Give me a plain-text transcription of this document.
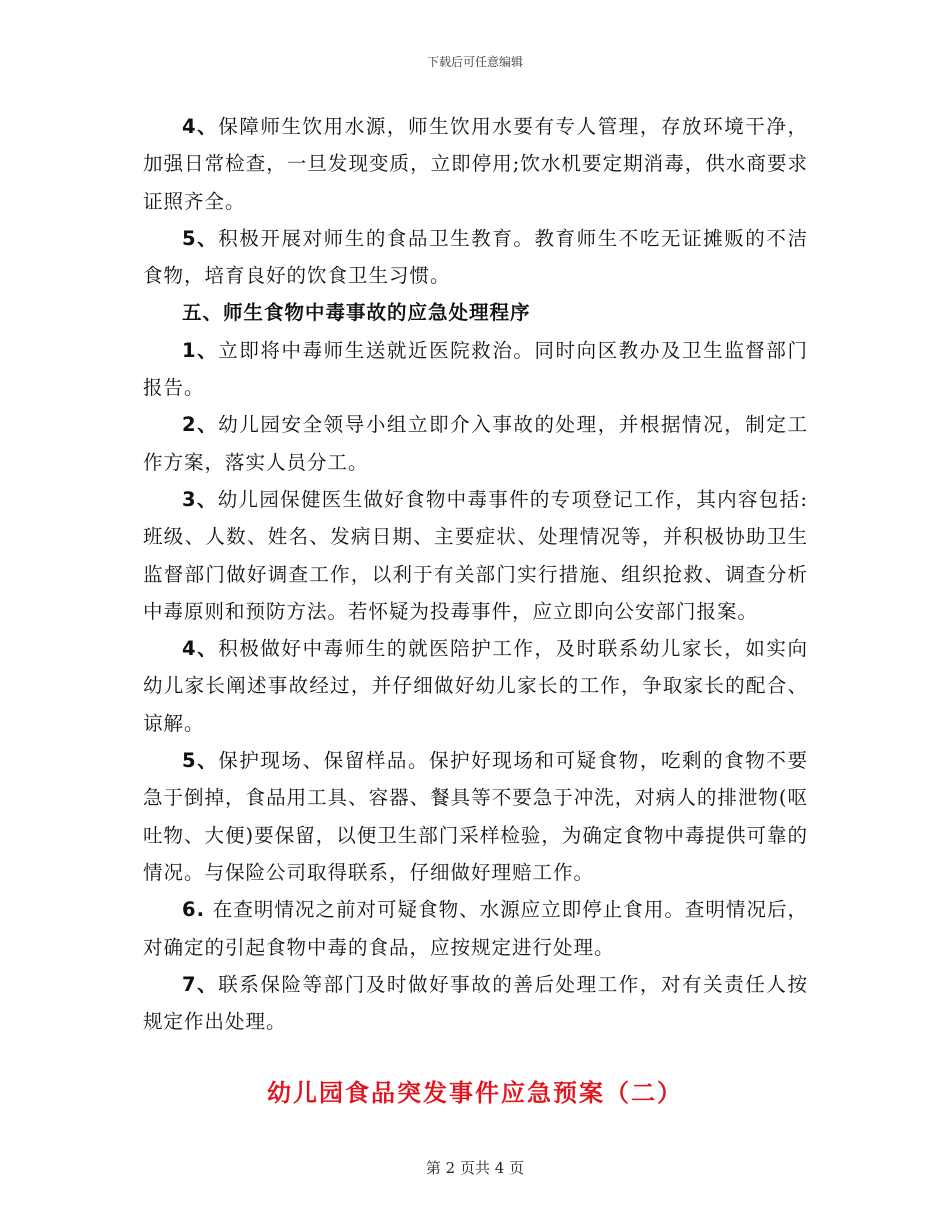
下载后可任意编辑

4、保障师生饮用水源，师生饮用水要有专人管理，存放环境干净，加强日常检查，一旦发现变质，立即停用;饮水机要定期消毒，供水商要求证照齐全。

5、积极开展对师生的食品卫生教育。教育师生不吃无证摊贩的不洁食物，培育良好的饮食卫生习惯。

五、师生食物中毒事故的应急处理程序

1、立即将中毒师生送就近医院救治。同时向区教办及卫生监督部门报告。

2、幼儿园安全领导小组立即介入事故的处理，并根据情况，制定工作方案，落实人员分工。

3、幼儿园保健医生做好食物中毒事件的专项登记工作，其内容包括:班级、人数、姓名、发病日期、主要症状、处理情况等，并积极协助卫生监督部门做好调查工作，以利于有关部门实行措施、组织抢救、调查分析中毒原则和预防方法。若怀疑为投毒事件，应立即向公安部门报案。

4、积极做好中毒师生的就医陪护工作，及时联系幼儿家长，如实向幼儿家长阐述事故经过，并仔细做好幼儿家长的工作，争取家长的配合、谅解。

5、保护现场、保留样品。保护好现场和可疑食物，吃剩的食物不要急于倒掉，食品用工具、容器、餐具等不要急于冲洗，对病人的排泄物(呕吐物、大便)要保留，以便卫生部门采样检验，为确定食物中毒提供可靠的情况。与保险公司取得联系，仔细做好理赔工作。

6. 在查明情况之前对可疑食物、水源应立即停止食用。查明情况后，对确定的引起食物中毒的食品，应按规定进行处理。

7、联系保险等部门及时做好事故的善后处理工作，对有关责任人按规定作出处理。

幼儿园食品突发事件应急预案（二）
第 2 页共 4 页
